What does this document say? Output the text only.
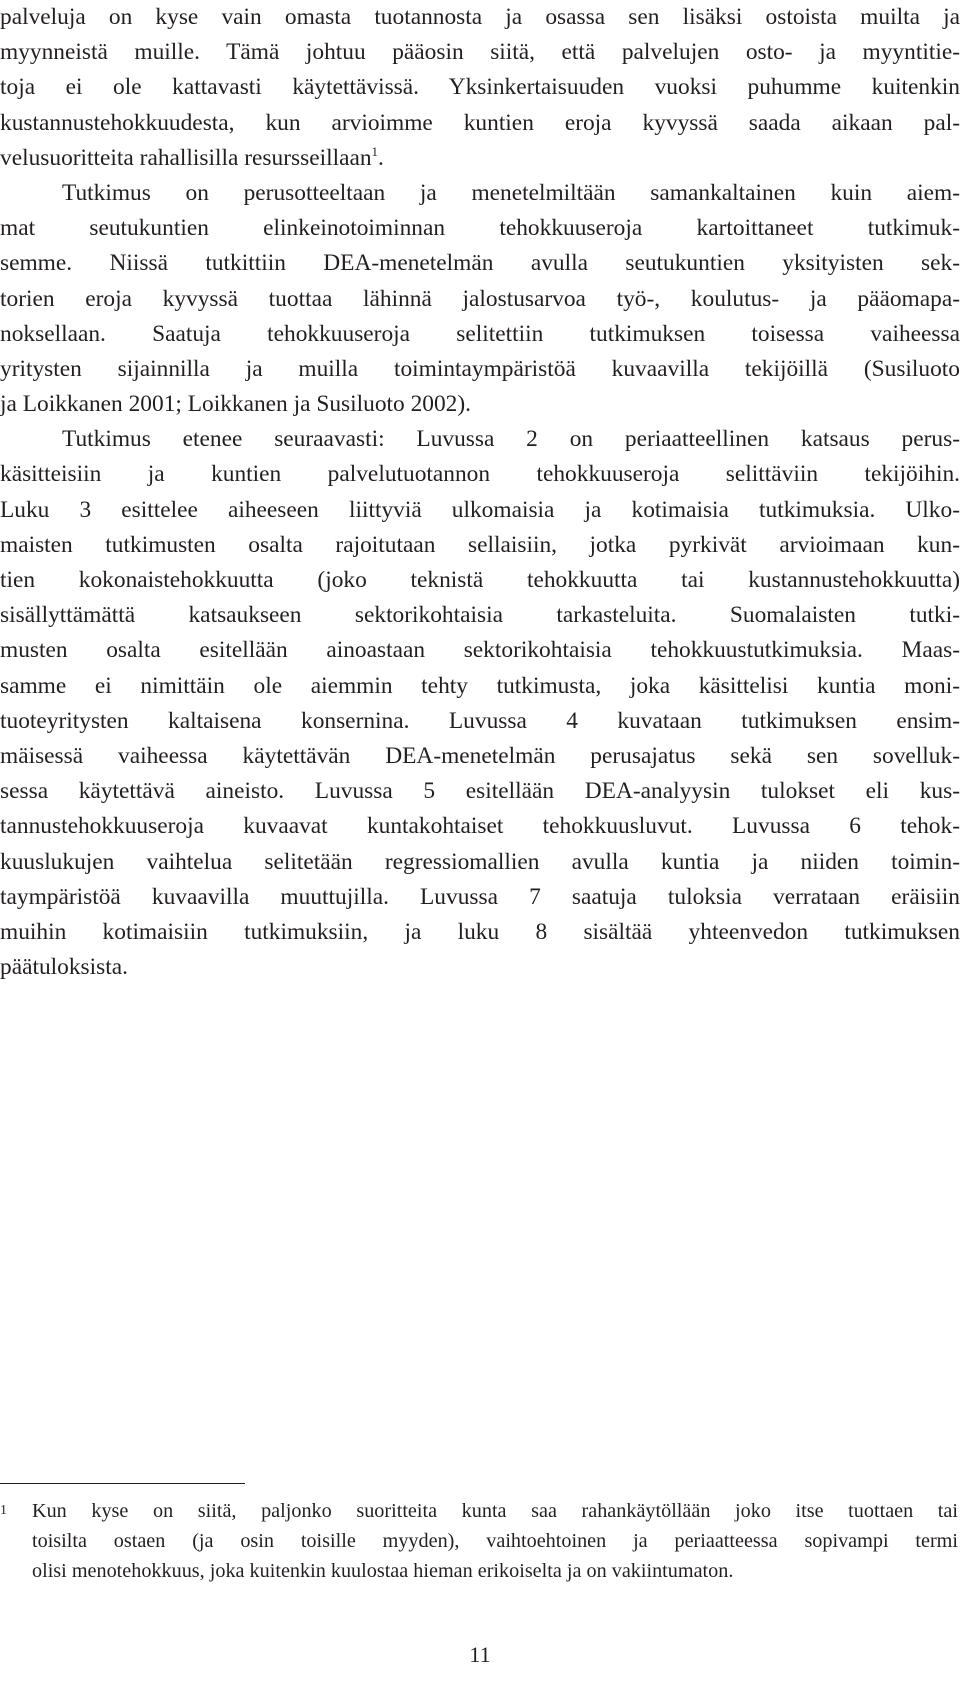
palveluja on kyse vain omasta tuotannosta ja osassa sen lisäksi ostoista muilta ja
myynneistä muille. Tämä johtuu pääosin siitä, että palvelujen osto- ja myyntitie-
toja ei ole kattavasti käytettävissä. Yksinkertaisuuden vuoksi puhumme kuitenkin
kustannustehokkuudesta, kun arvioimme kuntien eroja kyvyssä saada aikaan pal-
velusuoritteita rahallisilla resursseillaan$^1$.
Tutkimus on perusotteeltaan ja menetelmiltään samankaltainen kuin aiem-
mat seutukuntien elinkeinotoiminnan tehokkuuseroja kartoittaneet tutkimuk-
semme. Niissä tutkittiin DEA-menetelmän avulla seutukuntien yksityisten sek-
torien eroja kyvyssä tuottaa lähinnä jalostusarvoa työ-, koulutus- ja pääomapa-
noksellaan. Saatuja tehokkuuseroja selitettiin tutkimuksen toisessa vaiheessa
yritysten sijainnilla ja muilla toimintaympäristöä kuvaavilla tekijöillä (Susiluoto
ja Loikkanen 2001; Loikkanen ja Susiluoto 2002).
Tutkimus etenee seuraavasti: Luvussa 2 on periaatteellinen katsaus perus-
käsitteisiin ja kuntien palvelutuotannon tehokkuuseroja selittäviin tekijöihin.
Luku 3 esittelee aiheeseen liittyviä ulkomaisia ja kotimaisia tutkimuksia. Ulko-
maisten tutkimusten osalta rajoitutaan sellaisiin, jotka pyrkivät arvioimaan kun-
tien kokonaistehokkuutta (joko teknistä tehokkuutta tai kustannustehokkuutta)
sisällyttämättä katsaukseen sektorikohtaisia tarkasteluita. Suomalaisten tutki-
musten osalta esitellään ainoastaan sektorikohtaisia tehokkuustutkimuksia. Maas-
samme ei nimittäin ole aiemmin tehty tutkimusta, joka käsittelisi kuntia moni-
tuoteyritysten kaltaisena konsernina. Luvussa 4 kuvataan tutkimuksen ensim-
mäisessä vaiheessa käytettävän DEA-menetelmän perusajatus sekä sen sovelluk-
sessa käytettävä aineisto. Luvussa 5 esitellään DEA-analyysin tulokset eli kus-
tannustehokkuuseroja kuvaavat kuntakohtaiset tehokkuusluvut. Luvussa 6 tehok-
kuuslukujen vaihtelua selitetään regressiomallien avulla kuntia ja niiden toimin-
taympäristöä kuvaavilla muuttujilla. Luvussa 7 saatuja tuloksia verrataan eräisiin
muihin kotimaisiin tutkimuksiin, ja luku 8 sisältää yhteenvedon tutkimuksen
päätuloksista.
1 Kun kyse on siitä, paljonko suoritteita kunta saa rahankäytöllään joko itse tuottaen tai
toisilta ostaen (ja osin toisille myyden), vaihtoehtoinen ja periaatteessa sopivampi termi
olisi menotehokkuus, joka kuitenkin kuulostaa hieman erikoiselta ja on vakiintumaton.
11
